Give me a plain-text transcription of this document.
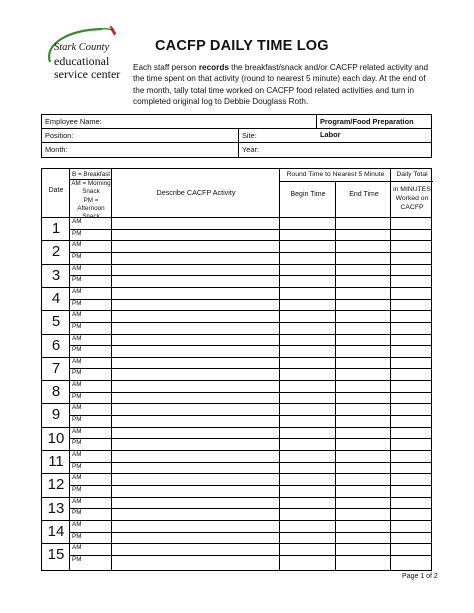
Stark County
educational
service center
CACFP DAILY TIME LOG
Each staff person records the breakfast/snack and/or CACFP related activity and the time spent on that activity (round to nearest 5 minute) each day. At the end of the month, tally total time worked on CACFP food related activities and turn in completed original log to Debbie Douglass Roth.
Employee Name:	Program/Food Preparation Labor
Position:	Site:
Month:	Year:
Date
B = Breakfast
AM = Morning Snack
PM = Afternoon Snack
Describe CACFP Activity
Round Time to Nearest 5 Minute
Begin Time	End Time
Daily Total
in MINUTES Worked on CACFP
1	AM
PM
2	AM
PM
3	AM
PM
4	AM
PM
5	AM
PM
6	AM
PM
7	AM
PM
8	AM
PM
9	AM
PM
10	AM
PM
11	AM
PM
12	AM
PM
13	AM
PM
14	AM
PM
15	AM
PM
Page 1 of 2
